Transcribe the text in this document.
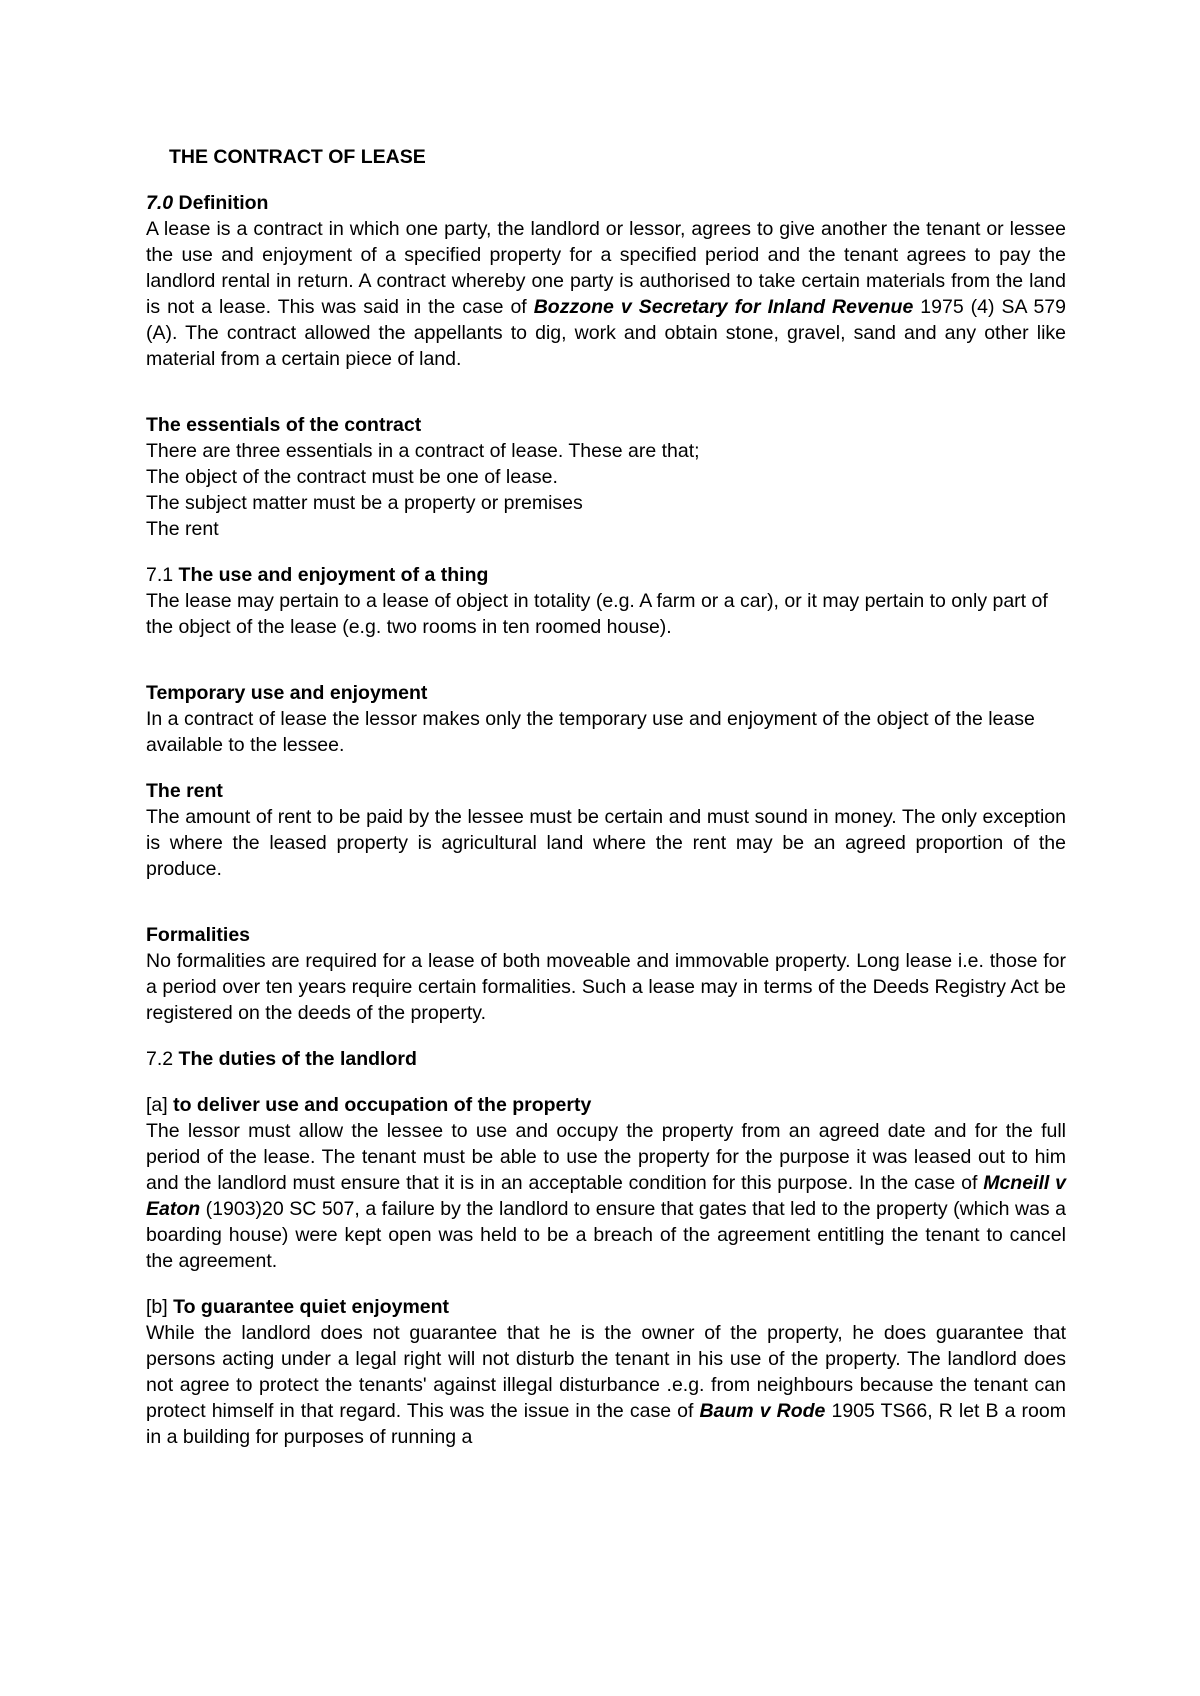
THE CONTRACT OF LEASE

7.0 Definition

A lease is a contract in which one party, the landlord or lessor, agrees to give another the tenant or lessee the use and enjoyment of a specified property for a specified period and the tenant agrees to pay the landlord rental in return. A contract whereby one party is authorised to take certain materials from the land is not a lease. This was said in the case of Bozzone v Secretary for Inland Revenue 1975 (4) SA 579 (A). The contract allowed the appellants to dig, work and obtain stone, gravel, sand and any other like material from a certain piece of land.

The essentials of the contract

There are three essentials in a contract of lease. These are that;
The object of the contract must be one of lease.
The subject matter must be a property or premises
The rent

7.1 The use and enjoyment of a thing

The lease may pertain to a lease of object in totality (e.g. A farm or a car), or it may pertain to only part of the object of the lease (e.g. two rooms in ten roomed house).

Temporary use and enjoyment

In a contract of lease the lessor makes only the temporary use and enjoyment of the object of the lease available to the lessee.

The rent

The amount of rent to be paid by the lessee must be certain and must sound in money. The only exception is where the leased property is agricultural land where the rent may be an agreed proportion of the produce.

Formalities

No formalities are required for a lease of both moveable and immovable property. Long lease i.e. those for a period over ten years require certain formalities. Such a lease may in terms of the Deeds Registry Act be registered on the deeds of the property.

7.2 The duties of the landlord
[a] to deliver use and occupation of the property

The lessor must allow the lessee to use and occupy the property from an agreed date and for the full period of the lease. The tenant must be able to use the property for the purpose it was leased out to him and the landlord must ensure that it is in an acceptable condition for this purpose. In the case of Mcneill v Eaton (1903)20 SC 507, a failure by the landlord to ensure that gates that led to the property (which was a boarding house) were kept open was held to be a breach of the agreement entitling the tenant to cancel the agreement.

[b] To guarantee quiet enjoyment

While the landlord does not guarantee that he is the owner of the property, he does guarantee that persons acting under a legal right will not disturb the tenant in his use of the property. The landlord does not agree to protect the tenants' against illegal disturbance .e.g. from neighbours because the tenant can protect himself in that regard. This was the issue in the case of Baum v Rode 1905 TS66, R let B a room in a building for purposes of running a
